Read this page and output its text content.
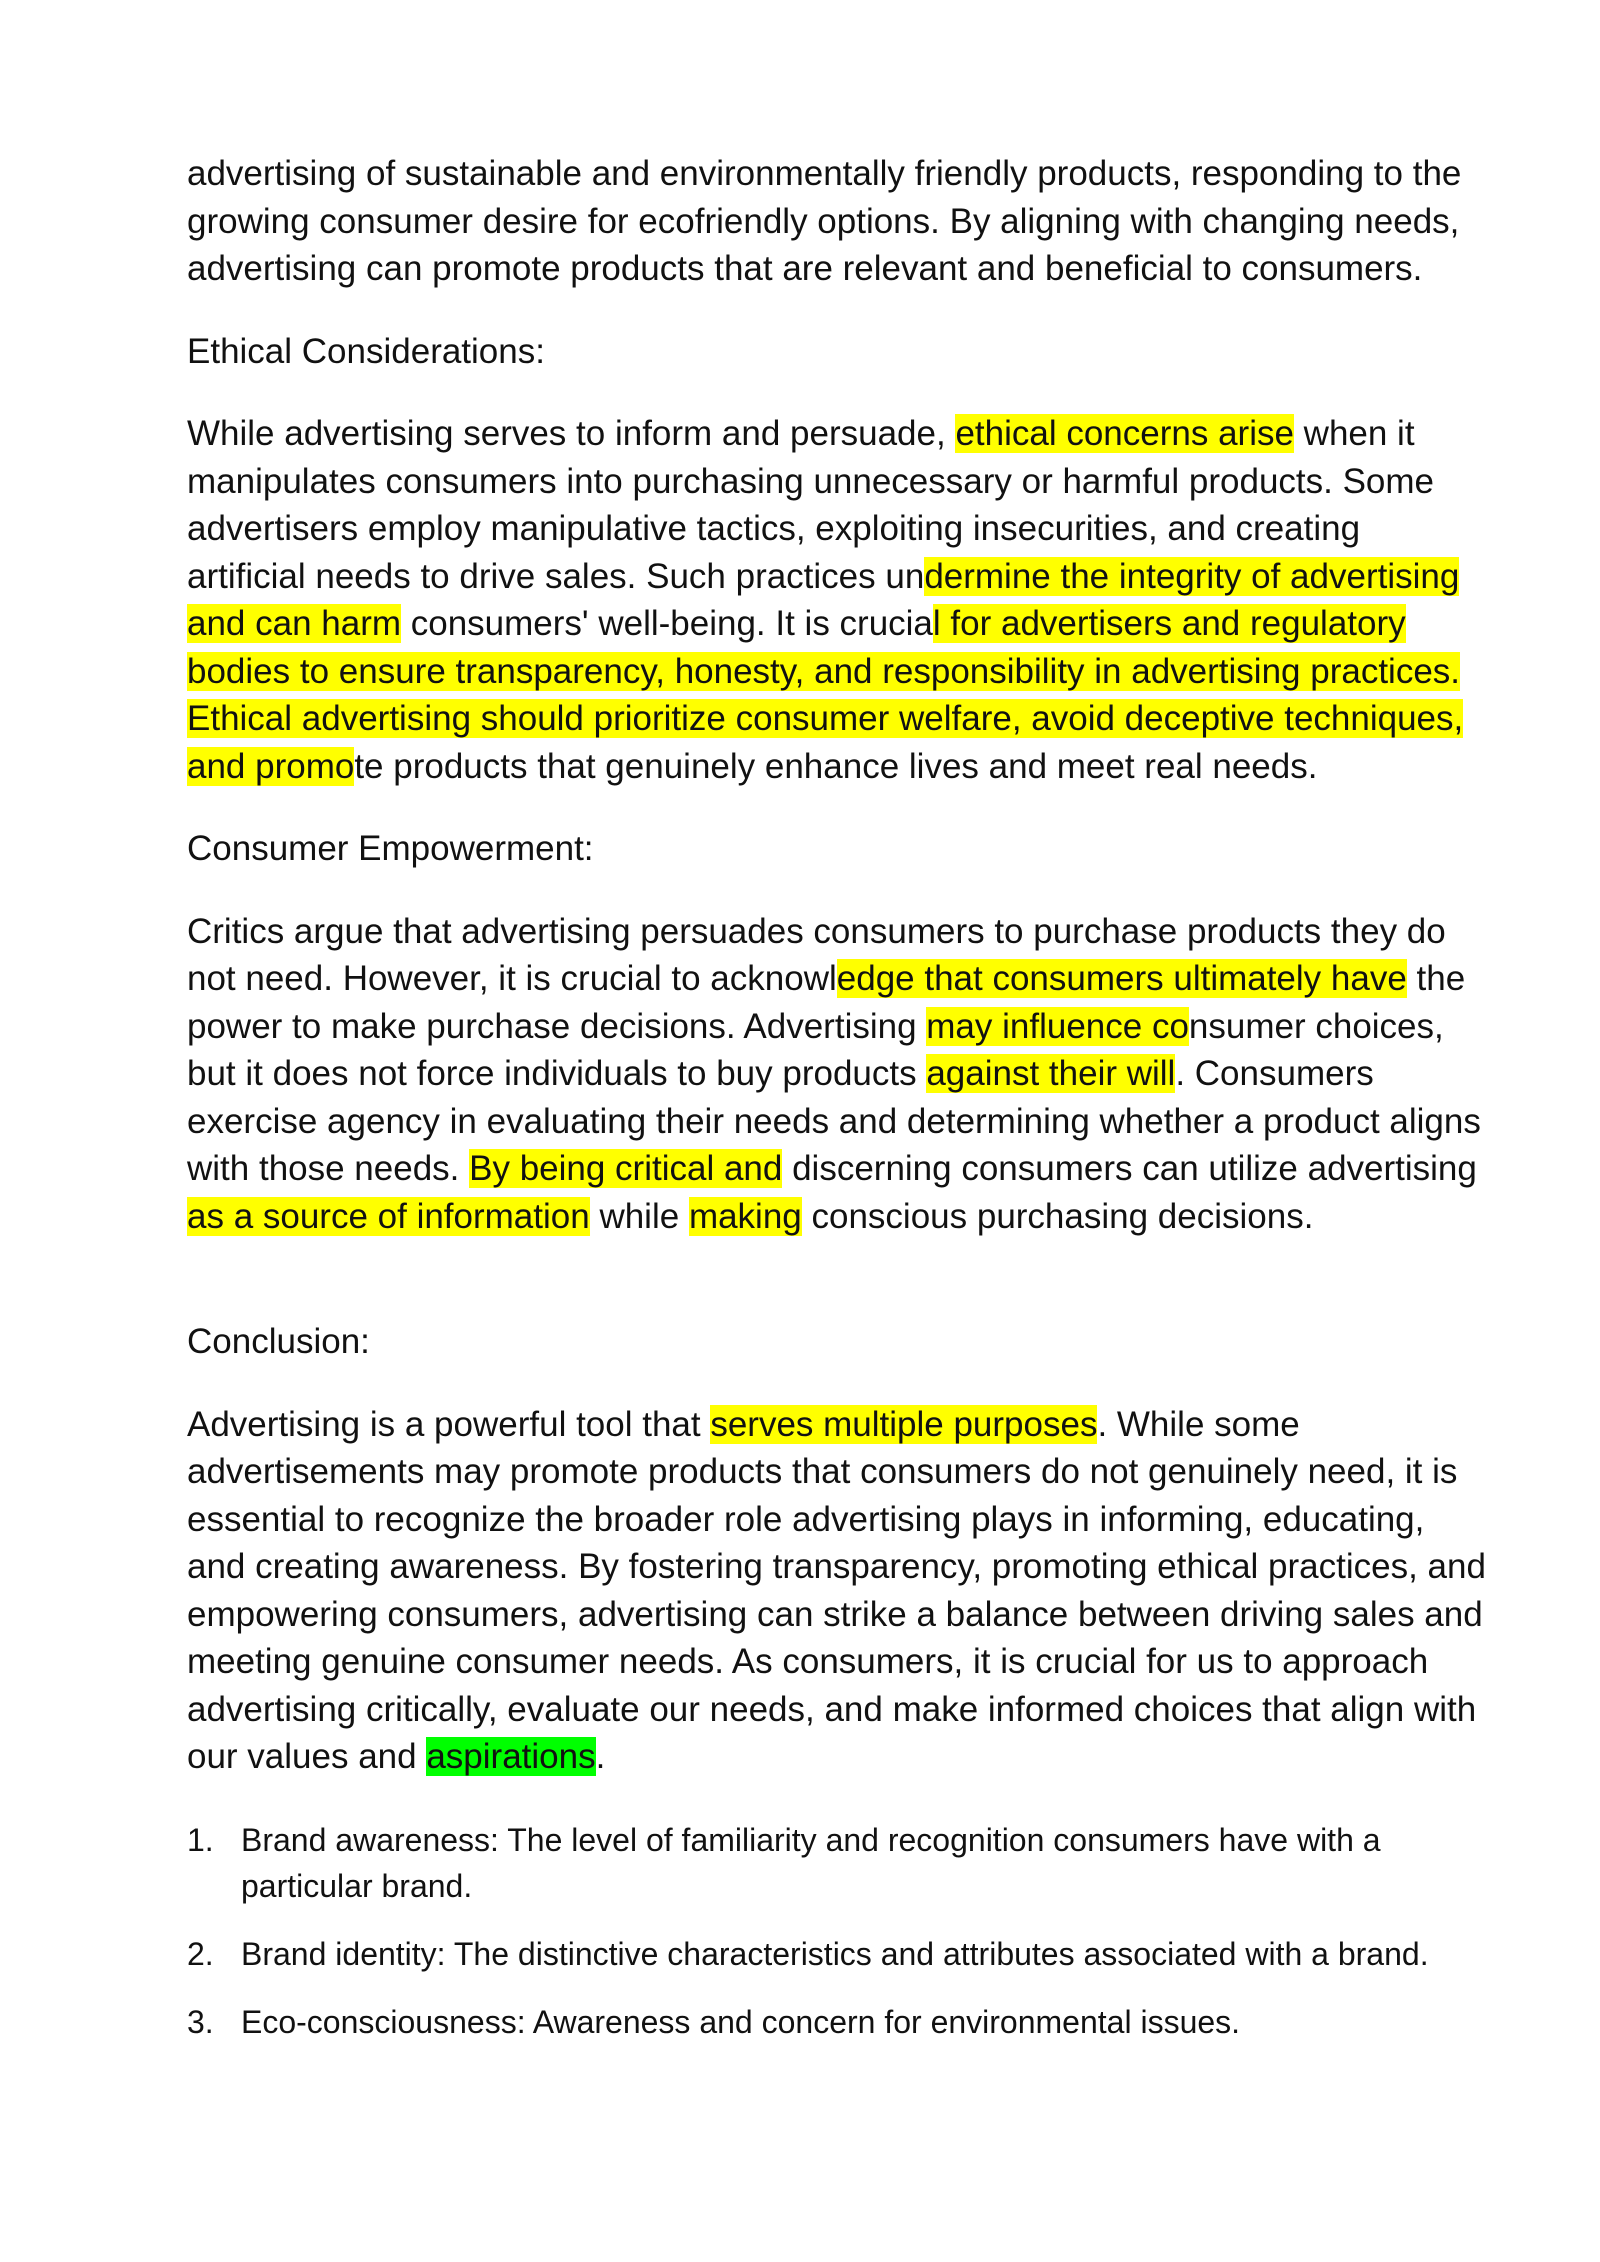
advertising of sustainable and environmentally friendly products, responding to the growing consumer desire for ecofriendly options. By aligning with changing needs, advertising can promote products that are relevant and beneficial to consumers.

Ethical Considerations:

While advertising serves to inform and persuade, ethical concerns arise when it manipulates consumers into purchasing unnecessary or harmful products. Some advertisers employ manipulative tactics, exploiting insecurities, and creating artificial needs to drive sales. Such practices undermine the integrity of advertising and can harm consumers' well-being. It is crucial for advertisers and regulatory bodies to ensure transparency, honesty, and responsibility in advertising practices. Ethical advertising should prioritize consumer welfare, avoid deceptive techniques, and promote products that genuinely enhance lives and meet real needs.

Consumer Empowerment:

Critics argue that advertising persuades consumers to purchase products they do not need. However, it is crucial to acknowledge that consumers ultimately have the power to make purchase decisions. Advertising may influence consumer choices, but it does not force individuals to buy products against their will. Consumers exercise agency in evaluating their needs and determining whether a product aligns with those needs. By being critical and discerning consumers can utilize advertising as a source of information while making conscious purchasing decisions.

Conclusion:

Advertising is a powerful tool that serves multiple purposes. While some advertisements may promote products that consumers do not genuinely need, it is essential to recognize the broader role advertising plays in informing, educating, and creating awareness. By fostering transparency, promoting ethical practices, and empowering consumers, advertising can strike a balance between driving sales and meeting genuine consumer needs. As consumers, it is crucial for us to approach advertising critically, evaluate our needs, and make informed choices that align with our values and aspirations.

1. Brand awareness: The level of familiarity and recognition consumers have with a particular brand.
2. Brand identity: The distinctive characteristics and attributes associated with a brand.
3. Eco-consciousness: Awareness and concern for environmental issues.
